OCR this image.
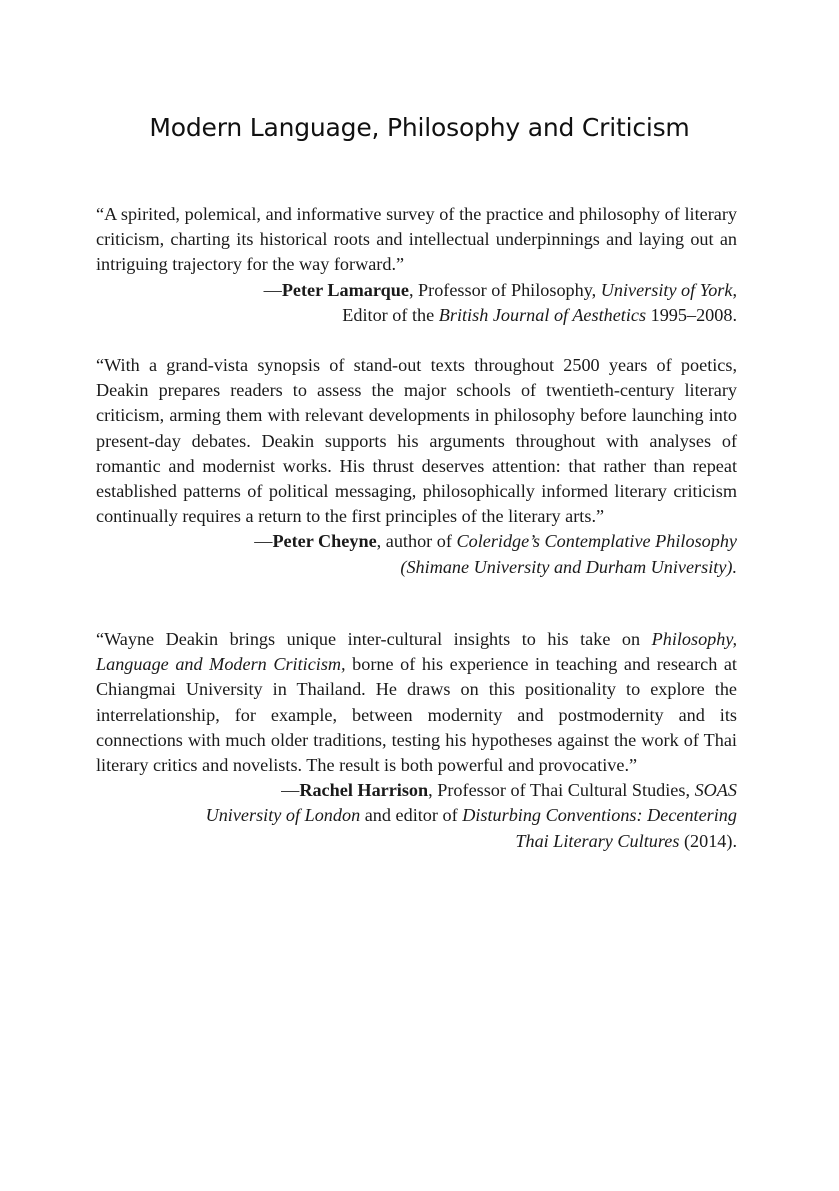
Modern Language, Philosophy and Criticism

“A spirited, polemical, and informative survey of the practice and philosophy of literary criticism, charting its historical roots and intellectual underpinnings and laying out an intriguing trajectory for the way forward.”

—Peter Lamarque, Professor of Philosophy, University of York,
Editor of the British Journal of Aesthetics 1995–2008.

“With a grand-vista synopsis of stand-out texts throughout 2500 years of poetics, Deakin prepares readers to assess the major schools of twentieth-century literary criticism, arming them with relevant developments in philosophy before launching into present-day debates. Deakin supports his arguments throughout with analyses of romantic and modernist works. His thrust deserves attention: that rather than repeat established patterns of political messaging, philosophically informed literary criticism continually requires a return to the first principles of the literary arts.”

—Peter Cheyne, author of Coleridge’s Contemplative Philosophy
(Shimane University and Durham University).

“Wayne Deakin brings unique inter-cultural insights to his take on Philosophy, Language and Modern Criticism, borne of his experience in teaching and research at Chiangmai University in Thailand. He draws on this positionality to explore the interrelationship, for example, between modernity and postmodernity and its connections with much older traditions, testing his hypotheses against the work of Thai literary critics and novelists. The result is both powerful and provocative.”

—Rachel Harrison, Professor of Thai Cultural Studies, SOAS
University of London and editor of Disturbing Conventions: Decentering
Thai Literary Cultures (2014).
